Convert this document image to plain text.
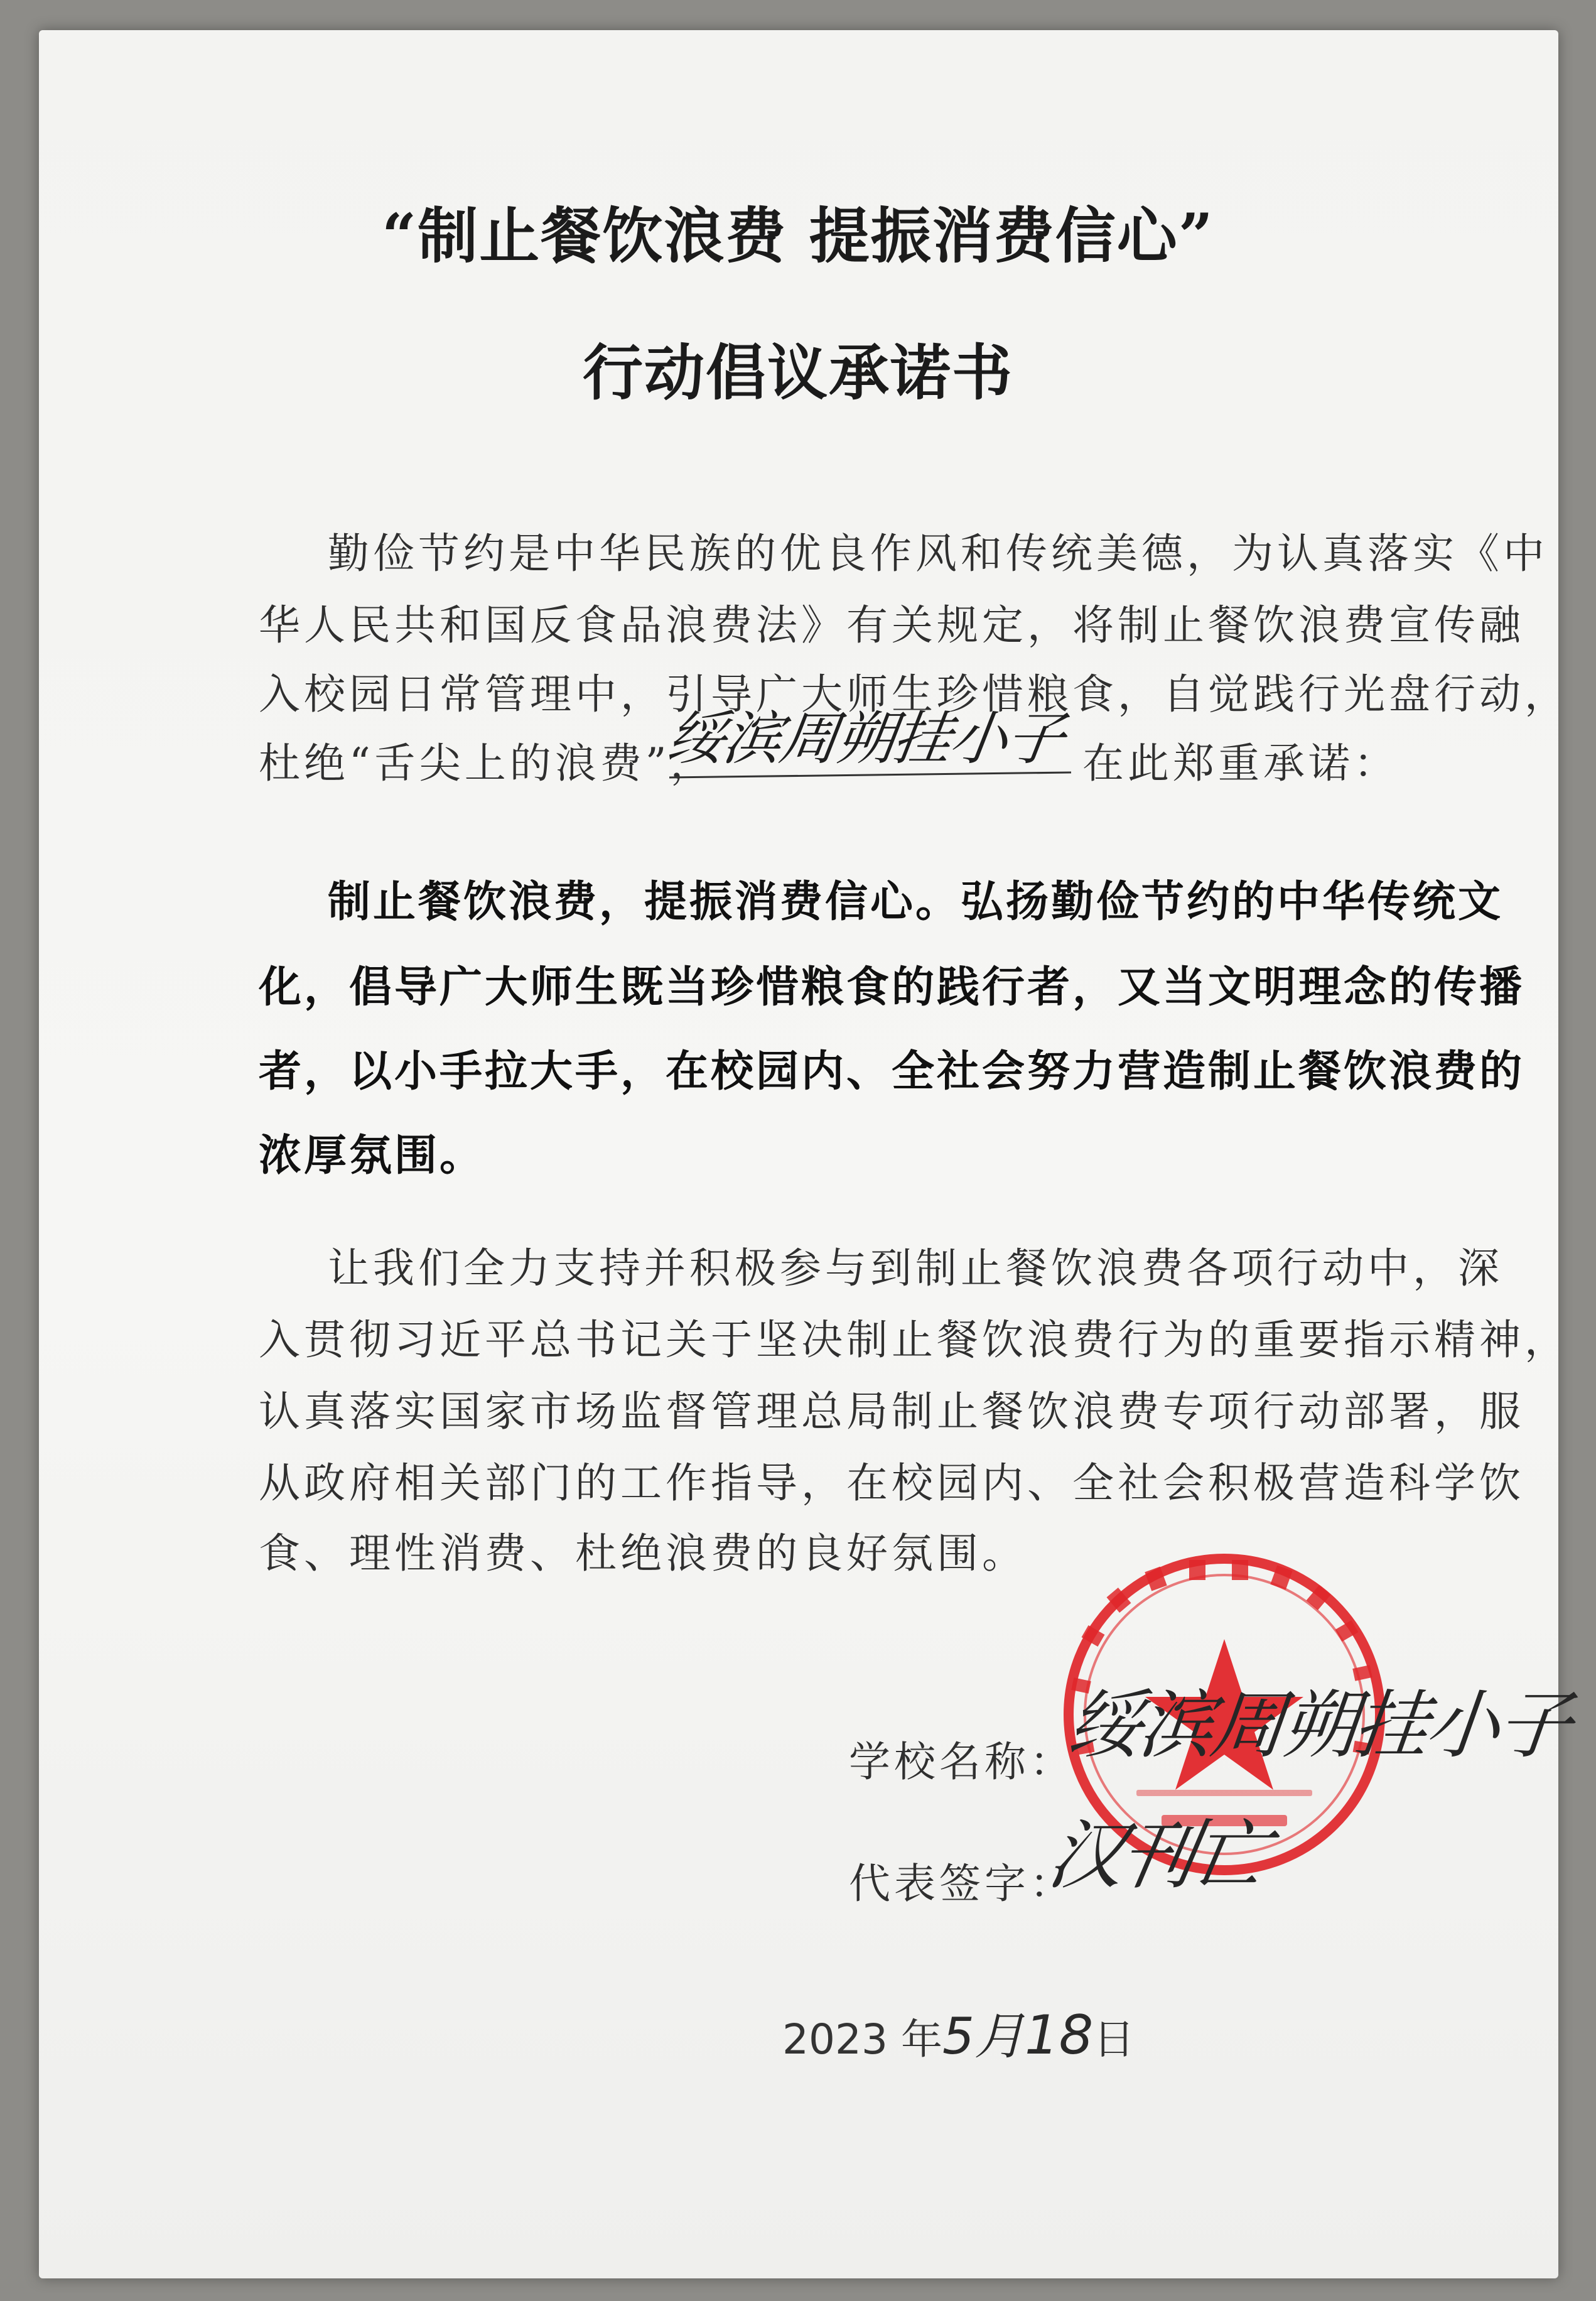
“制止餐饮浪费 提振消费信心”
行动倡议承诺书
勤俭节约是中华民族的优良作风和传统美德，为认真落实《中
华人民共和国反食品浪费法》有关规定，将制止餐饮浪费宣传融
入校园日常管理中，引导广大师生珍惜粮食，自觉践行光盘行动，
杜绝“舌尖上的浪费”，	在此郑重承诺：
绥滨周朔挂小子
制止餐饮浪费，提振消费信心。弘扬勤俭节约的中华传统文
化，倡导广大师生既当珍惜粮食的践行者，又当文明理念的传播
者，以小手拉大手，在校园内、全社会努力营造制止餐饮浪费的
浓厚氛围。
让我们全力支持并积极参与到制止餐饮浪费各项行动中，深
入贯彻习近平总书记关于坚决制止餐饮浪费行为的重要指示精神，
认真落实国家市场监督管理总局制止餐饮浪费专项行动部署，服
从政府相关部门的工作指导，在校园内、全社会积极营造科学饮
食、理性消费、杜绝浪费的良好氛围。
学校名称：
绥滨周朔挂小子
代表签字：
汉刊亡
2023 年5月18日
